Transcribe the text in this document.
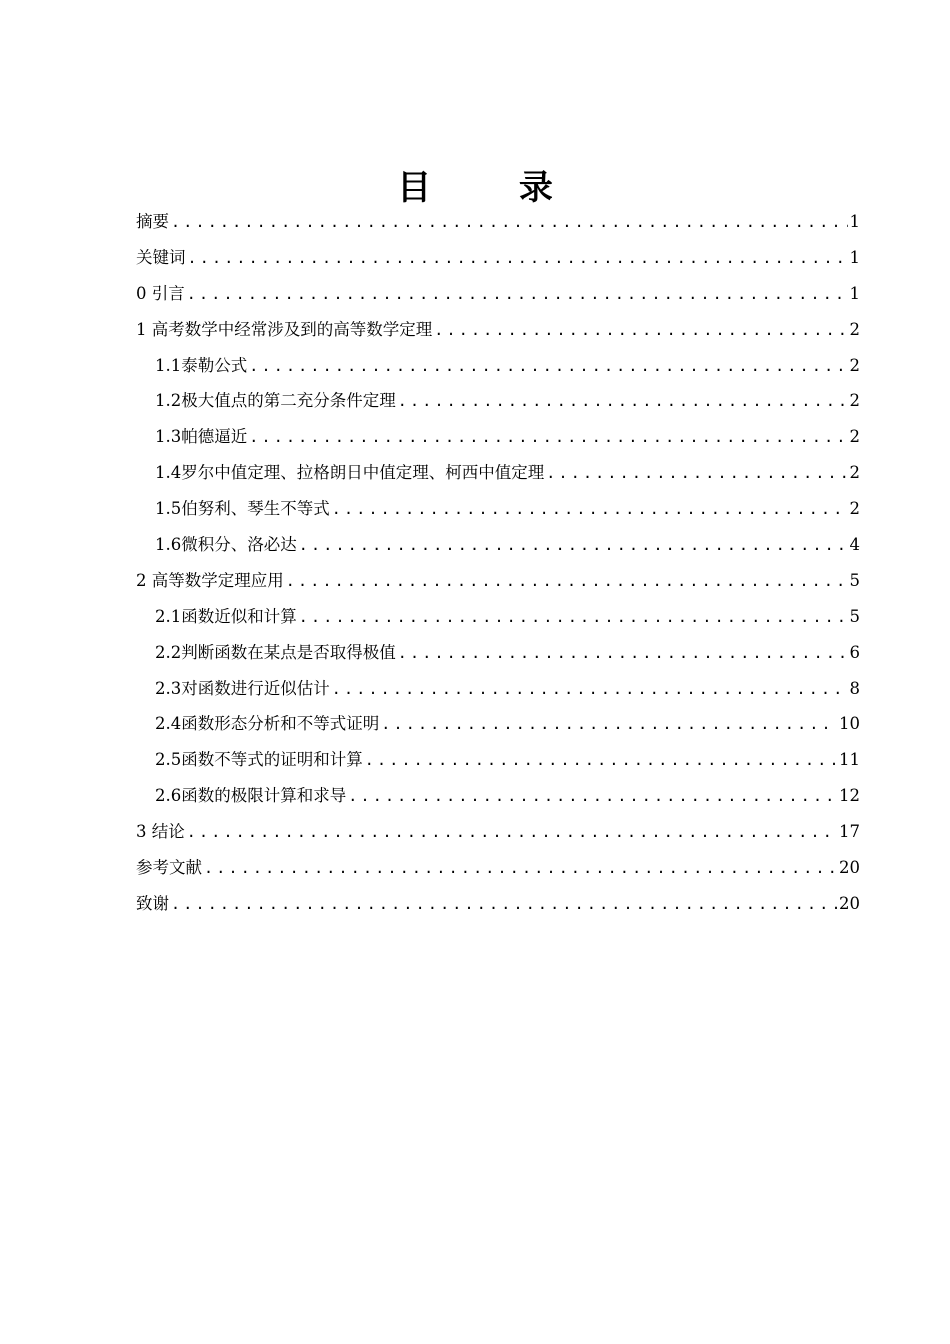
目 录
摘要 .....	1
关键词 .....	1
0 引言 .....	1
1 高考数学中经常涉及到的高等数学定理 .....	2
1.1泰勒公式 .....	2
1.2极大值点的第二充分条件定理 .....	2
1.3帕德逼近 .....	2
1.4罗尔中值定理、拉格朗日中值定理、柯西中值定理 .....	2
1.5伯努利、琴生不等式 .....	2
1.6微积分、洛必达 .....	4
2 高等数学定理应用 .....	5
2.1函数近似和计算 .....	5
2.2判断函数在某点是否取得极值 .....	6
2.3对函数进行近似估计 .....	8
2.4函数形态分析和不等式证明 .....	10
2.5函数不等式的证明和计算 .....	11
2.6函数的极限计算和求导 .....	12
3 结论 .....	17
参考文献 .....	20
致谢 .....	20
